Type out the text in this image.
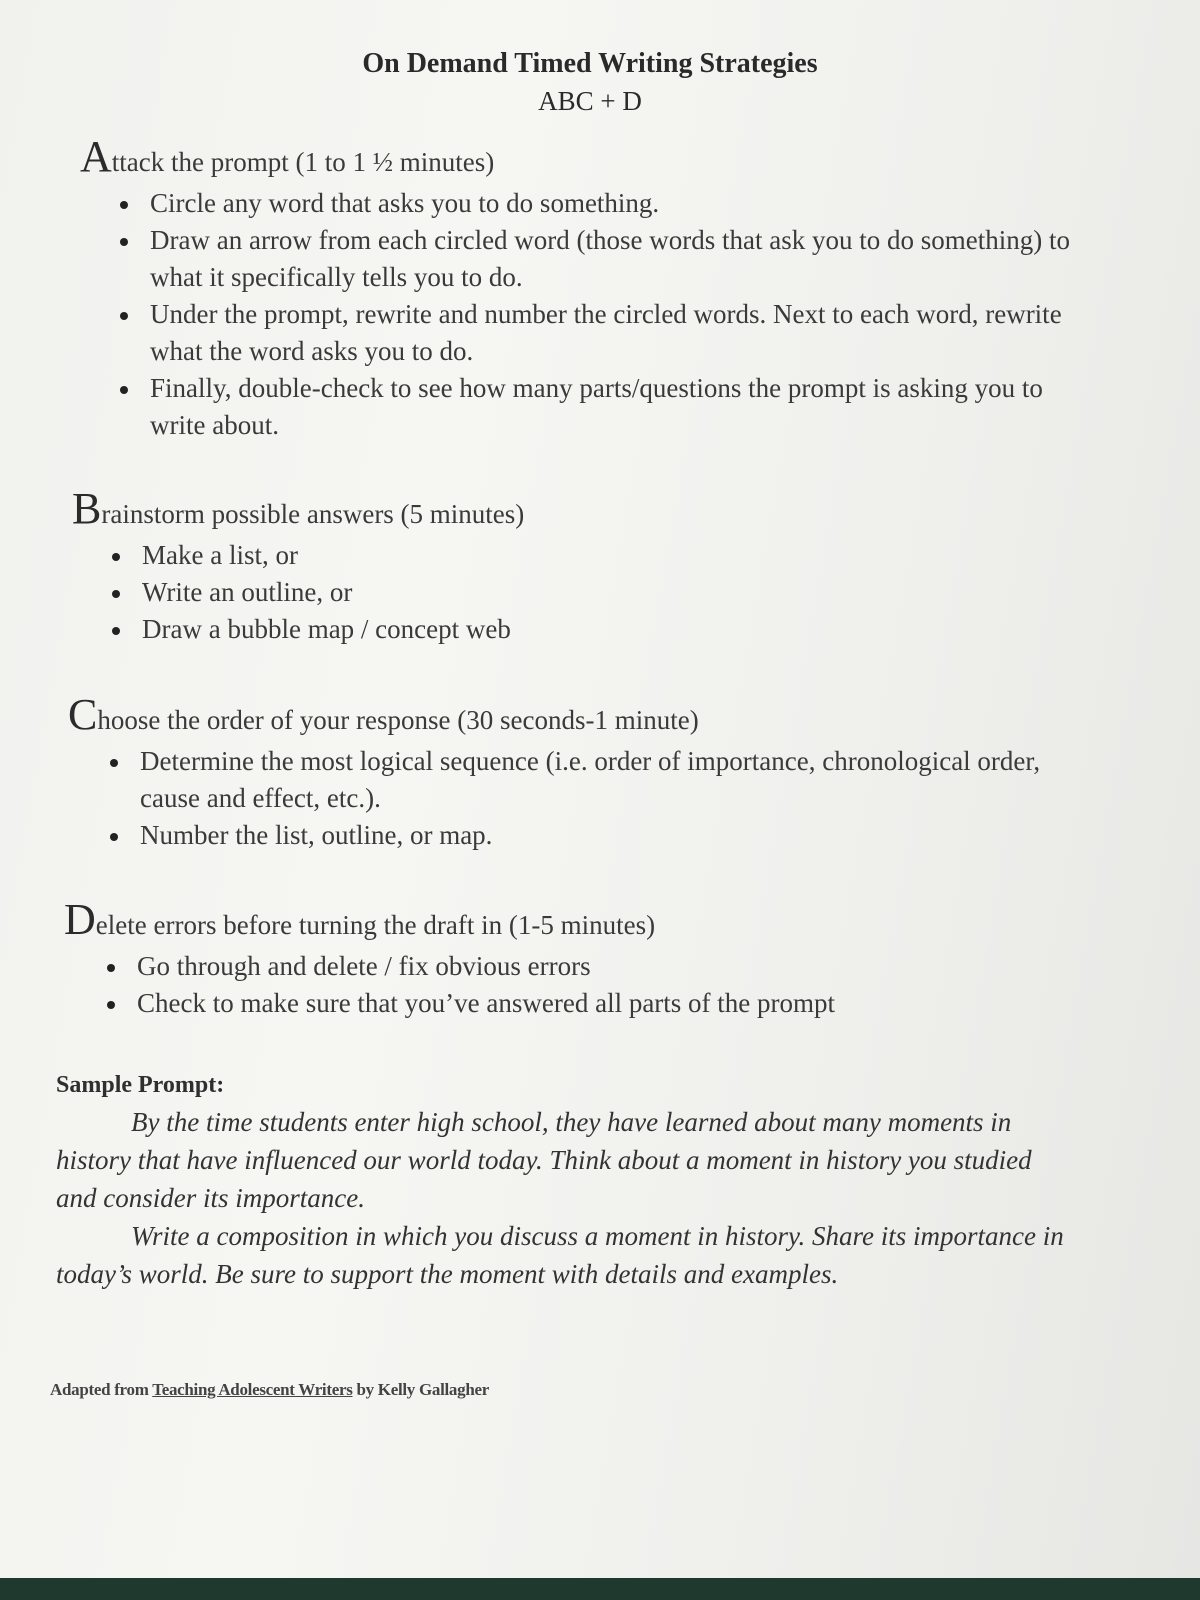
On Demand Timed Writing Strategies
ABC + D
Attack the prompt (1 to 1 ½ minutes)
Circle any word that asks you to do something.
Draw an arrow from each circled word (those words that ask you to do something) to what it specifically tells you to do.
Under the prompt, rewrite and number the circled words. Next to each word, rewrite what the word asks you to do.
Finally, double-check to see how many parts/questions the prompt is asking you to write about.
Brainstorm possible answers (5 minutes)
Make a list, or
Write an outline, or
Draw a bubble map / concept web
Choose the order of your response (30 seconds-1 minute)
Determine the most logical sequence (i.e. order of importance, chronological order, cause and effect, etc.).
Number the list, outline, or map.
Delete errors before turning the draft in (1-5 minutes)
Go through and delete / fix obvious errors
Check to make sure that you’ve answered all parts of the prompt
Sample Prompt:

By the time students enter high school, they have learned about many moments in history that have influenced our world today. Think about a moment in history you studied and consider its importance.

Write a composition in which you discuss a moment in history. Share its importance in today’s world. Be sure to support the moment with details and examples.

Adapted from Teaching Adolescent Writers by Kelly Gallagher
